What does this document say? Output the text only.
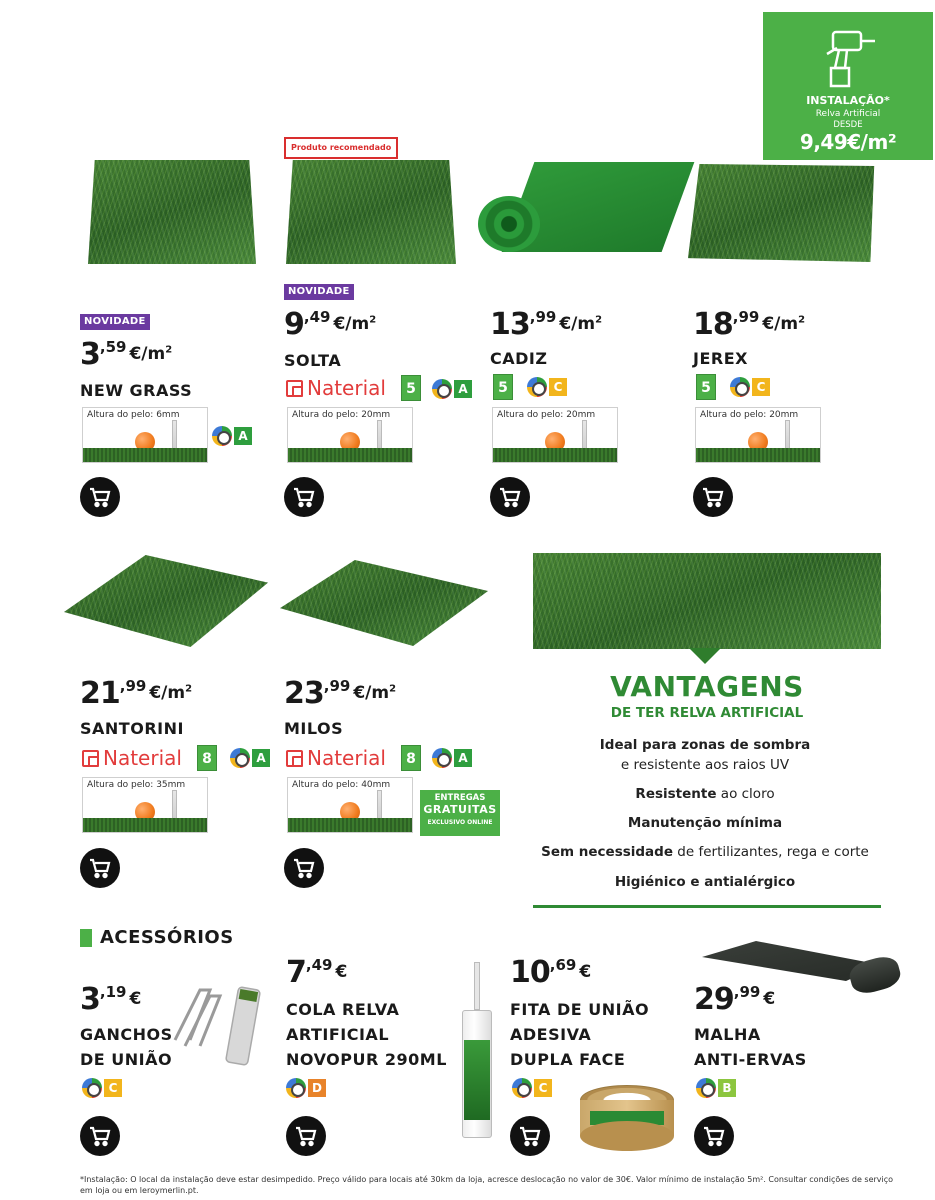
INSTALAÇÃO*
Relva Artificial
DESDE
9,49€/m²
Produto recomendado
NOVIDADE
NOVIDADE
3,59 $€/m^2$
NEW GRASS
Altura do pelo: 6mm
A
9,49 $€/m^2$
SOLTA
Naterial	5	A
Altura do pelo: 20mm
13,99 $€/m^2$
CADIZ
5	C
Altura do pelo: 20mm
18,99 $€/m^2$
JEREX
5	C
Altura do pelo: 20mm
21,99 $€/m^2$
SANTORINI
Naterial	8	A
Altura do pelo: 35mm
23,99 $€/m^2$
MILOS
Naterial	8	A
Altura do pelo: 40mm
ENTREGAS
GRATUITAS
EXCLUSIVO ONLINE
VANTAGENS
DE TER RELVA ARTIFICIAL
Ideal para zonas de sombra
e resistente aos raios UV
Resistente ao cloro
Manutenção mínima
Sem necessidade de fertilizantes, rega e corte
Higiénico e antialérgico
ACESSÓRIOS
3,19 €
GANCHOS
DE UNIÃO
C
7,49 €
COLA RELVA
ARTIFICIAL
NOVOPUR 290ML
D
10,69 €
FITA DE UNIÃO
ADESIVA
DUPLA FACE
C
29,99 €
MALHA
ANTI-ERVAS
B
*Instalação: O local da instalação deve estar desimpedido. Preço válido para locais até 30km da loja, acresce deslocação no valor de 30€. Valor mínimo de instalação 5m². Consultar condições de serviço em loja ou em leroymerlin.pt.
